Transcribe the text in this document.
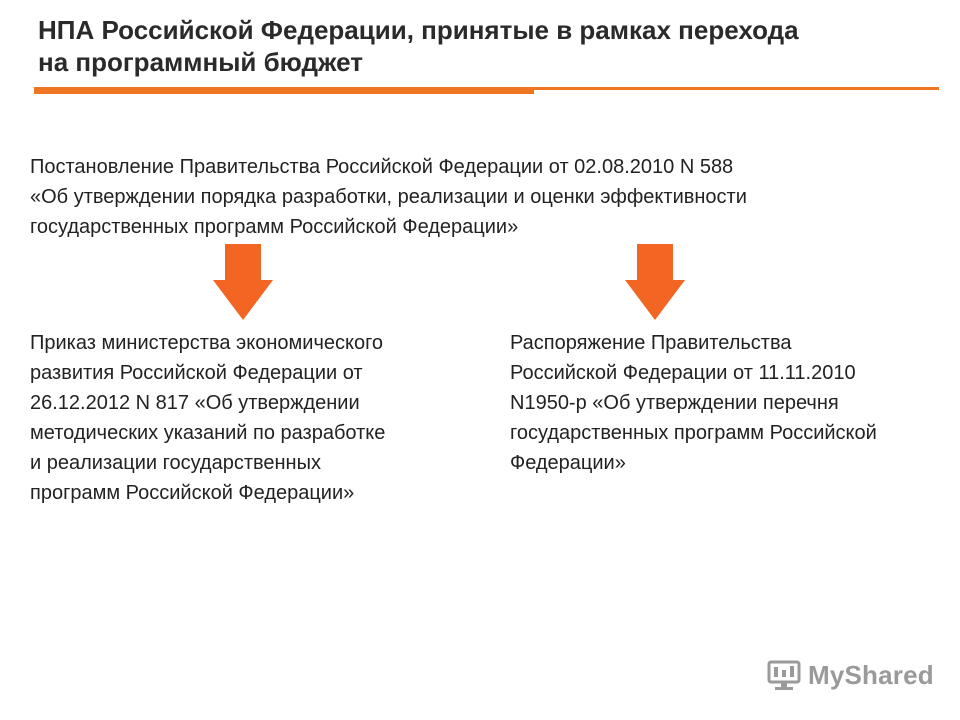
НПА Российской Федерации, принятые в рамках перехода
на программный бюджет

Постановление Правительства Российской Федерации от 02.08.2010 N 588
«Об утверждении порядка разработки, реализации и оценки эффективности
государственных программ Российской Федерации»

Приказ министерства экономического
развития Российской Федерации от
26.12.2012 N 817 «Об утверждении
методических указаний по разработке
и реализации государственных
программ Российской Федерации»

Распоряжение Правительства
Российской Федерации от 11.11.2010
N1950-р «Об утверждении перечня
государственных программ Российской
Федерации»

MyShared
